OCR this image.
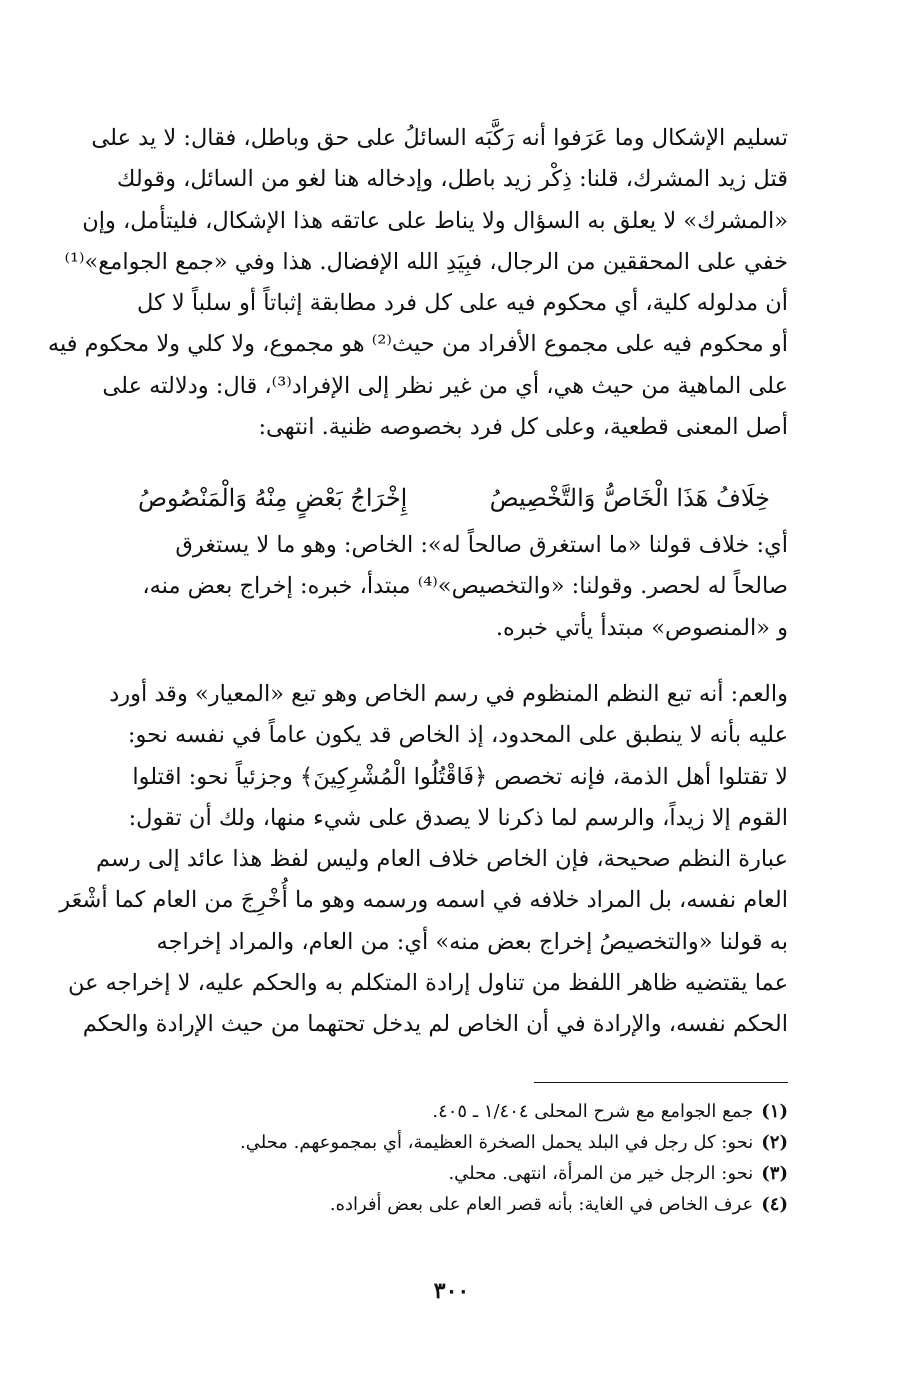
تسليم الإشكال وما عَرَفوا أنه رَكَّبَه السائلُ على حق وباطل، فقال: لا يد على
قتل زيد المشرك، قلنا: ذِكْر زيد باطل، وإدخاله هنا لغو من السائل، وقولك
«المشرك» لا يعلق به السؤال ولا يناط على عاتقه هذا الإشكال، فليتأمل، وإن
خفي على المحققين من الرجال، فبِيَدِ الله الإفضال. هذا وفي «جمع الجوامع»⁽¹⁾
أن مدلوله كلية، أي محكوم فيه على كل فرد مطابقة إثباتاً أو سلباً لا كل
أو محكوم فيه على مجموع الأفراد من حيث⁽²⁾ هو مجموع، ولا كلي ولا محكوم فيه
على الماهية من حيث هي، أي من غير نظر إلى الإفراد⁽³⁾، قال: ودلالته على
أصل المعنى قطعية، وعلى كل فرد بخصوصه ظنية. انتهى:

خِلَافُ هَذَا الْخَاصُّ وَالتَّخْصِيصُ
إِخْرَاجُ بَعْضٍ مِنْهُ وَالْمَنْصُوصُ

أي: خلاف قولنا «ما استغرق صالحاً له»: الخاص: وهو ما لا يستغرق
صالحاً له لحصر. وقولنا: «والتخصيص»⁽⁴⁾ مبتدأ، خبره: إخراج بعض منه،
و «المنصوص» مبتدأ يأتي خبره.

والعم: أنه تبع النظم المنظوم في رسم الخاص وهو تبع «المعيار» وقد أورد
عليه بأنه لا ينطبق على المحدود، إذ الخاص قد يكون عاماً في نفسه نحو:
لا تقتلوا أهل الذمة، فإنه تخصص ﴿فَاقْتُلُوا الْمُشْرِكِينَ﴾ وجزئياً نحو: اقتلوا
القوم إلا زيداً، والرسم لما ذكرنا لا يصدق على شيء منها، ولك أن تقول:
عبارة النظم صحيحة، فإن الخاص خلاف العام وليس لفظ هذا عائد إلى رسم
العام نفسه، بل المراد خلافه في اسمه ورسمه وهو ما أُخْرِجَ من العام كما أشْعَر
به قولنا «والتخصيصُ إخراج بعض منه» أي: من العام، والمراد إخراجه
عما يقتضيه ظاهر اللفظ من تناول إرادة المتكلم به والحكم عليه، لا إخراجه عن
الحكم نفسه، والإرادة في أن الخاص لم يدخل تحتهما من حيث الإرادة والحكم

(١)جمع الجوامع مع شرح المحلى ١/٤٠٤ ـ ٤٠٥.
(٢)نحو: كل رجل في البلد يحمل الصخرة العظيمة، أي بمجموعهم. محلي.
(٣)نحو: الرجل خير من المرأة، انتهى. محلي.
(٤)عرف الخاص في الغاية: بأنه قصر العام على بعض أفراده.
٣٠٠
